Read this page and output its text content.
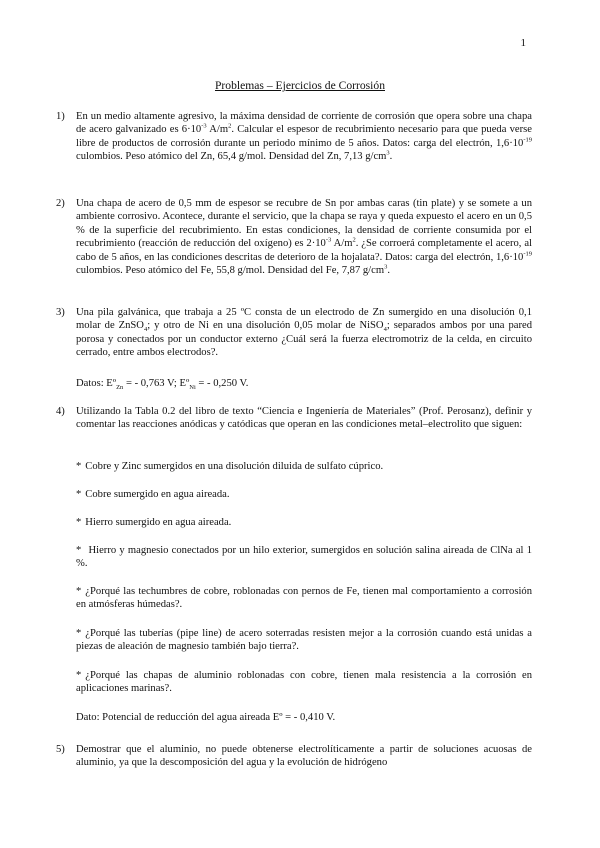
1
Problemas – Ejercicios de Corrosión
1)	En un medio altamente agresivo, la máxima densidad de corriente de corrosión que opera sobre una chapa de acero galvanizado es $6\cdot 10^{-3}$ $A/m^2$. Calcular el espesor de recubrimiento necesario para que pueda verse libre de productos de corrosión durante un periodo mínimo de 5 años. Datos: carga del electrón, $1,6\cdot 10^{-19}$ culombios. Peso atómico del Zn, 65,4 g/mol. Densidad del Zn, 7,13 $g/cm^3$.

2)	Una chapa de acero de 0,5 mm de espesor se recubre de Sn por ambas caras (tin plate) y se somete a un ambiente corrosivo. Acontece, durante el servicio, que la chapa se raya y queda expuesto el acero en un 0,5 % de la superficie del recubrimiento. En estas condiciones, la densidad de corriente consumida por el recubrimiento (reacción de reducción del oxígeno) es $2\cdot 10^{-3}$ $A/m^2$. ¿Se corroerá completamente el acero, al cabo de 5 años, en las condiciones descritas de deterioro de la hojalata?. Datos: carga del electrón, $1,6\cdot 10^{-19}$ culombios. Peso atómico del Fe, 55,8 g/mol. Densidad del Fe, 7,87 $g/cm^3$.

3)	Una pila galvánica, que trabaja a 25 ºC consta de un electrodo de Zn sumergido en una disolución 0,1 molar de ZnSO$_4$; y otro de Ni en una disolución 0,05 molar de NiSO$_4$; separados ambos por una pared porosa y conectados por un conductor externo ¿Cuál será la fuerza electromotriz de la celda, en circuito cerrado, entre ambos electrodos?.

Datos: Eº$_{Zn}$ = - 0,763 V; Eº$_{Ni}$ = - 0,250 V.
4)	Utilizando la Tabla 0.2 del libro de texto “Ciencia e Ingeniería de Materiales” (Prof. Perosanz), definir y comentar las reacciones anódicas y catódicas que operan en las condiciones metal–electrolito que siguen:
* Cobre y Zinc sumergidos en una disolución diluida de sulfato cúprico.
* Cobre sumergido en agua aireada.
* Hierro sumergido en agua aireada.
* Hierro y magnesio conectados por un hilo exterior, sumergidos en solución salina aireada de ClNa al 1 %.
* ¿Porqué las techumbres de cobre, roblonadas con pernos de Fe, tienen mal comportamiento a corrosión en atmósferas húmedas?.
* ¿Porqué las tuberías (pipe line) de acero soterradas resisten mejor a la corrosión cuando está unidas a piezas de aleación de magnesio también bajo tierra?.
* ¿Porqué las chapas de aluminio roblonadas con cobre, tienen mala resistencia a la corrosión en aplicaciones marinas?.
Dato: Potencial de reducción del agua aireada Eº = - 0,410 V.
5)	Demostrar que el aluminio, no puede obtenerse electrolíticamente a partir de soluciones acuosas de aluminio, ya que la descomposición del agua y la evolución de hidrógeno
